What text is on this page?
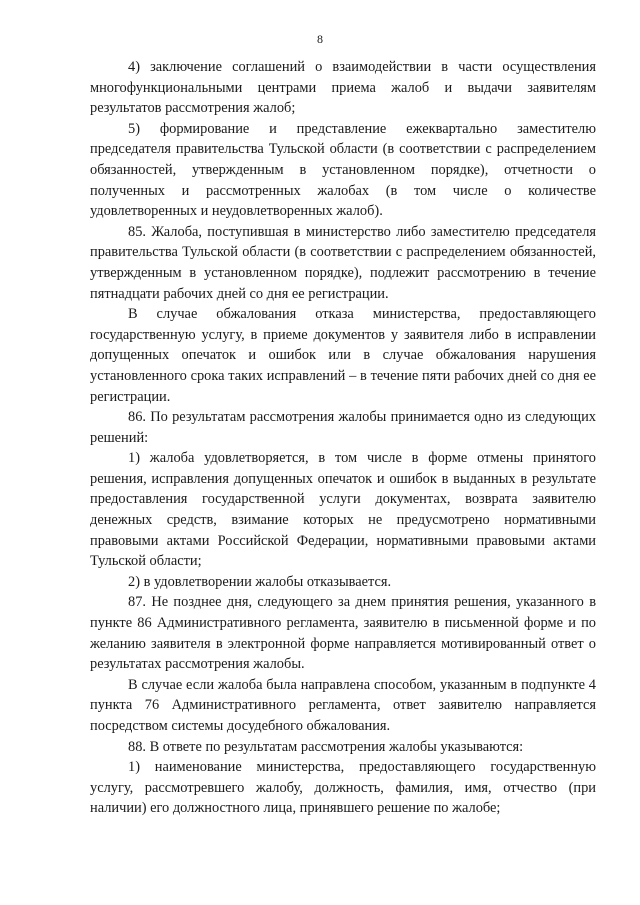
8

4) заключение соглашений о взаимодействии в части осуществления многофункциональными центрами приема жалоб и выдачи заявителям результатов рассмотрения жалоб;

5) формирование и представление ежеквартально заместителю председателя правительства Тульской области (в соответствии с распределением обязанностей, утвержденным в установленном порядке), отчетности о полученных и рассмотренных жалобах (в том числе о количестве удовлетворенных и неудовлетворенных жалоб).

85. Жалоба, поступившая в министерство либо заместителю председателя правительства Тульской области (в соответствии с распределением обязанностей, утвержденным в установленном порядке), подлежит рассмотрению в течение пятнадцати рабочих дней со дня ее регистрации.

В случае обжалования отказа министерства, предоставляющего государственную услугу, в приеме документов у заявителя либо в исправлении допущенных опечаток и ошибок или в случае обжалования нарушения установленного срока таких исправлений – в течение пяти рабочих дней со дня ее регистрации.

86. По результатам рассмотрения жалобы принимается одно из следующих решений:

1) жалоба удовлетворяется, в том числе в форме отмены принятого решения, исправления допущенных опечаток и ошибок в выданных в результате предоставления государственной услуги документах, возврата заявителю денежных средств, взимание которых не предусмотрено нормативными правовыми актами Российской Федерации, нормативными правовыми актами Тульской области;

2) в удовлетворении жалобы отказывается.

87. Не позднее дня, следующего за днем принятия решения, указанного в пункте 86 Административного регламента, заявителю в письменной форме и по желанию заявителя в электронной форме направляется мотивированный ответ о результатах рассмотрения жалобы.

В случае если жалоба была направлена способом, указанным в подпункте 4 пункта 76 Административного регламента, ответ заявителю направляется посредством системы досудебного обжалования.

88. В ответе по результатам рассмотрения жалобы указываются:

1) наименование министерства, предоставляющего государственную услугу, рассмотревшего жалобу, должность, фамилия, имя, отчество (при наличии) его должностного лица, принявшего решение по жалобе;
